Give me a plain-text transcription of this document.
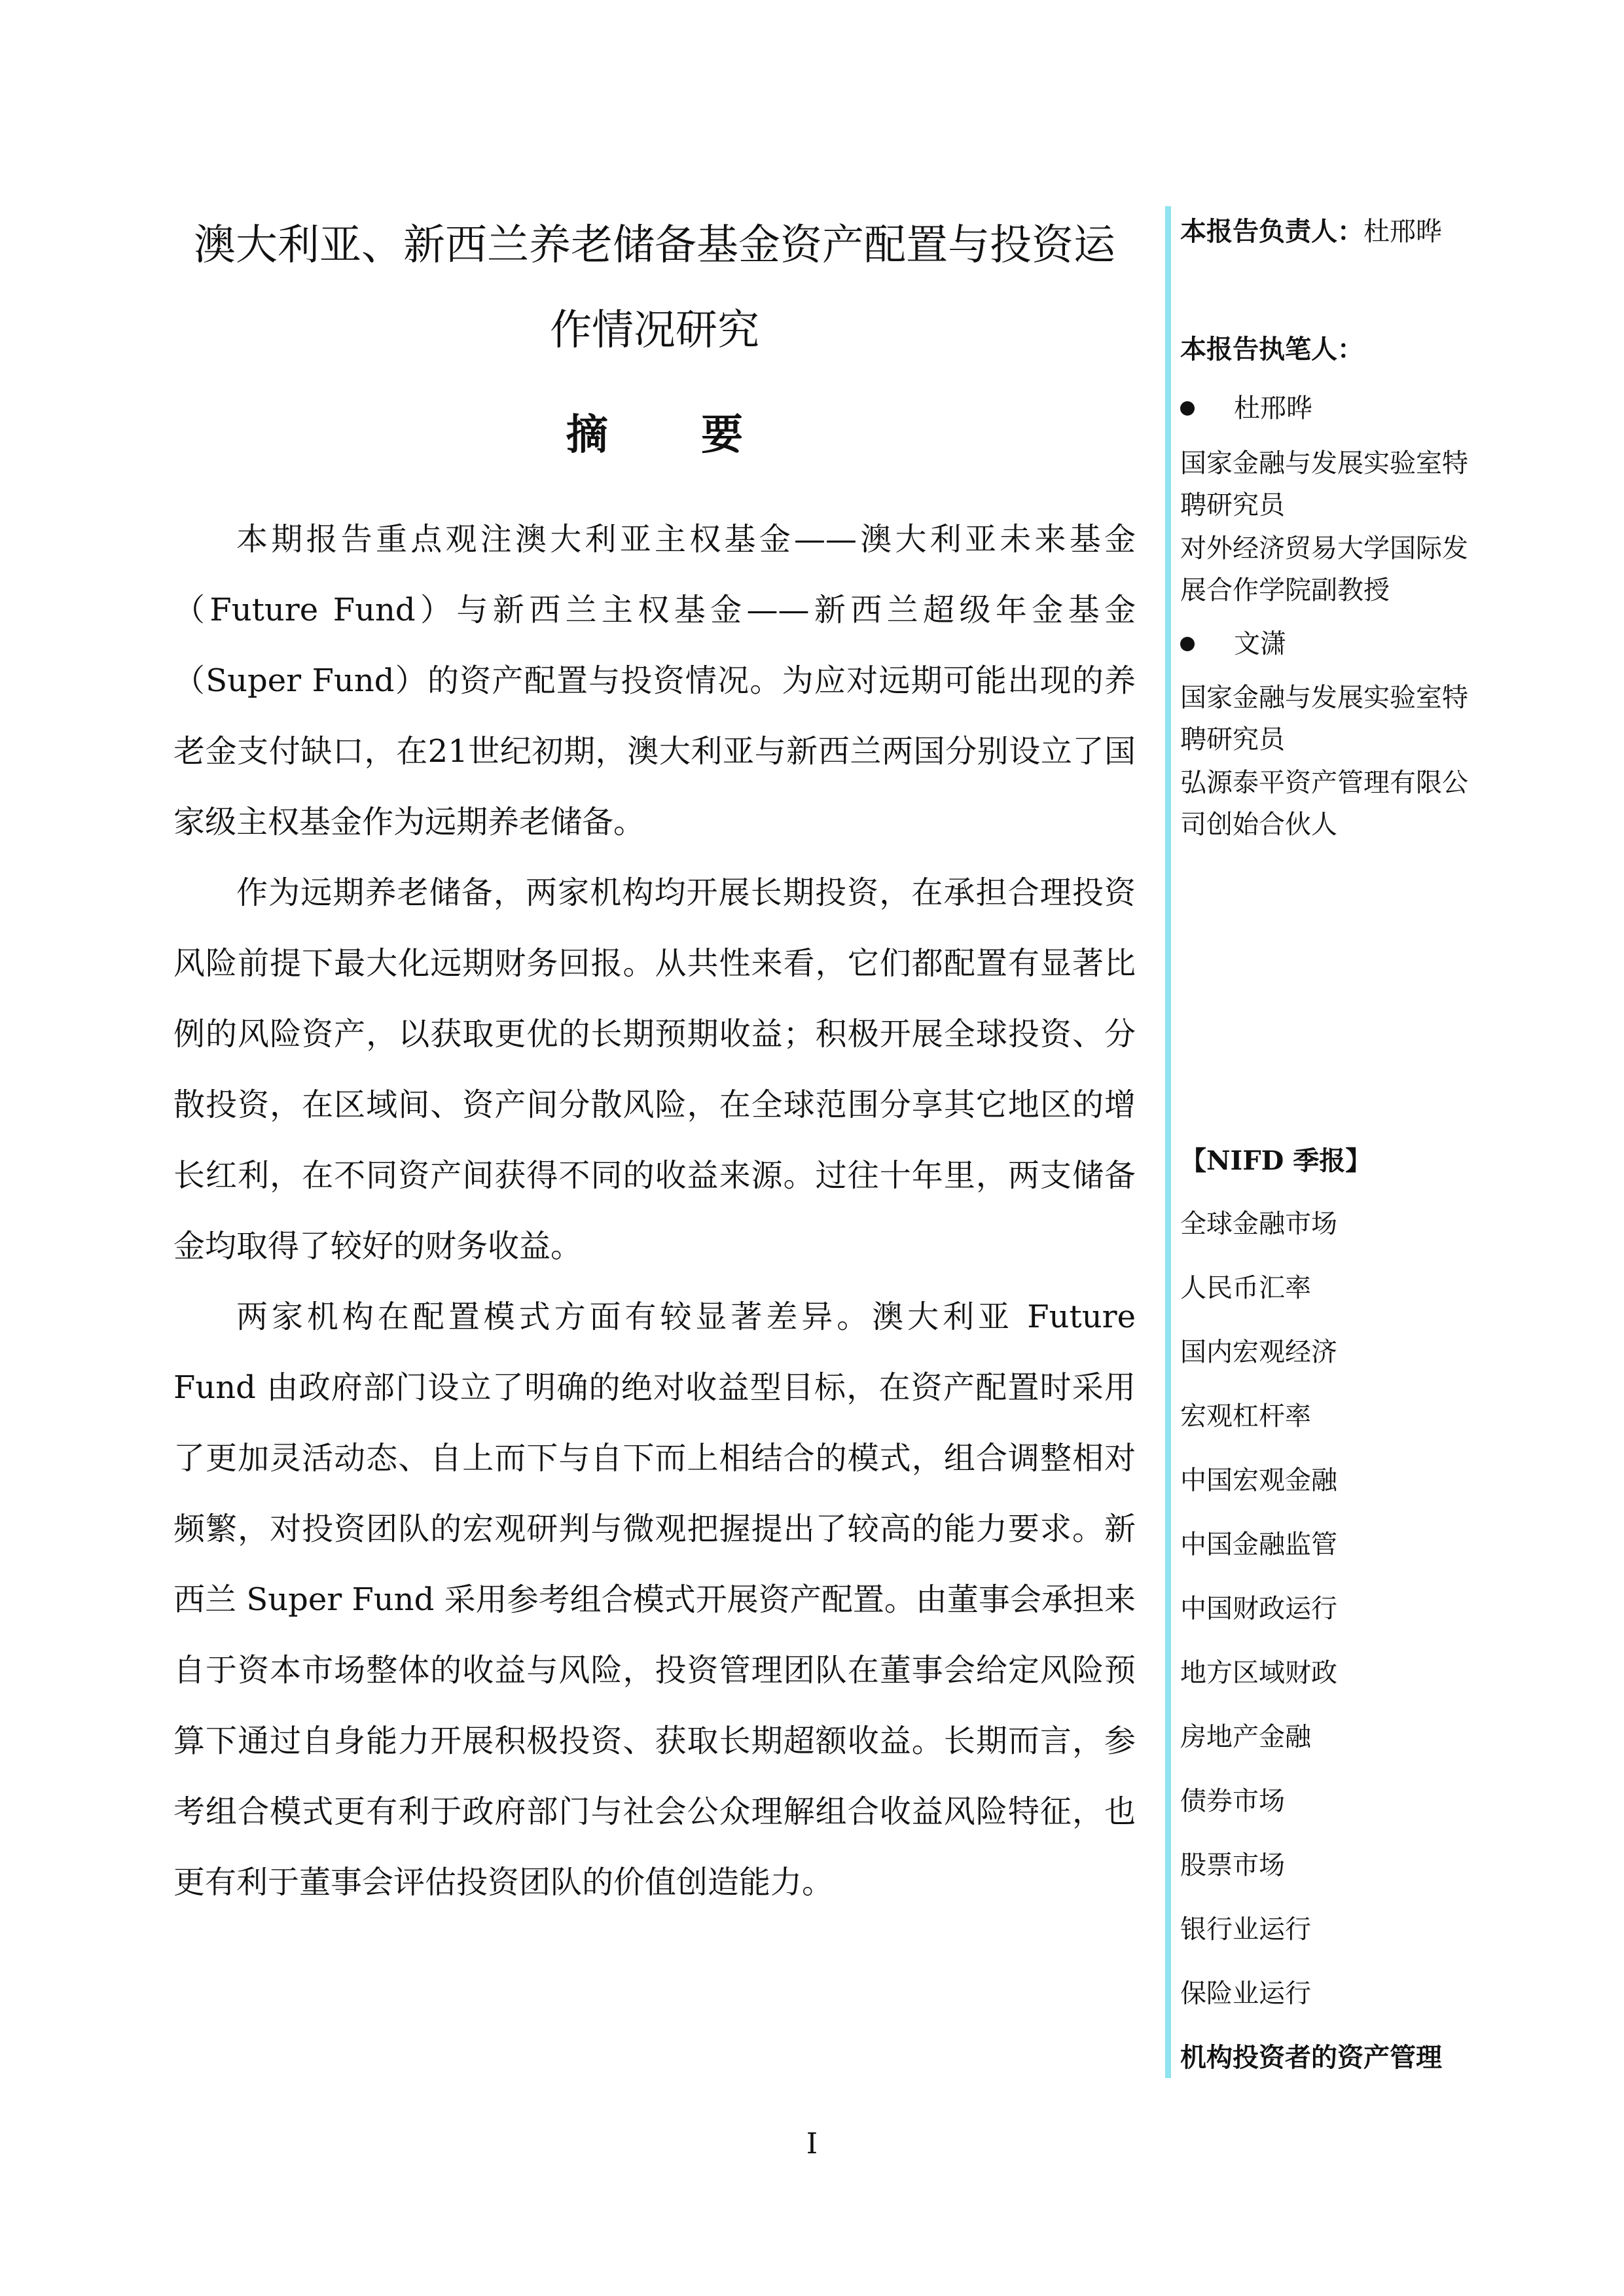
澳大利亚、新西兰养老储备基金资产配置与投资运
作情况研究
摘 要

本期报告重点观注澳大利亚主权基金——澳大利亚未来基金（Future Fund）与新西兰主权基金——新西兰超级年金基金（Super Fund）的资产配置与投资情况。为应对远期可能出现的养老金支付缺口，在21世纪初期，澳大利亚与新西兰两国分别设立了国家级主权基金作为远期养老储备。

作为远期养老储备，两家机构均开展长期投资，在承担合理投资风险前提下最大化远期财务回报。从共性来看，它们都配置有显著比例的风险资产，以获取更优的长期预期收益；积极开展全球投资、分散投资，在区域间、资产间分散风险，在全球范围分享其它地区的增长红利，在不同资产间获得不同的收益来源。过往十年里，两支储备金均取得了较好的财务收益。

两家机构在配置模式方面有较显著差异。澳大利亚 Future Fund 由政府部门设立了明确的绝对收益型目标，在资产配置时采用了更加灵活动态、自上而下与自下而上相结合的模式，组合调整相对频繁，对投资团队的宏观研判与微观把握提出了较高的能力要求。新西兰 Super Fund 采用参考组合模式开展资产配置。由董事会承担来自于资本市场整体的收益与风险，投资管理团队在董事会给定风险预算下通过自身能力开展积极投资、获取长期超额收益。长期而言，参考组合模式更有利于政府部门与社会公众理解组合收益风险特征，也更有利于董事会评估投资团队的价值创造能力。

本报告负责人：杜邢晔
本报告执笔人：
杜邢晔
国家金融与发展实验室特
聘研究员
对外经济贸易大学国际发
展合作学院副教授
文潇
国家金融与发展实验室特
聘研究员
弘源泰平资产管理有限公
司创始合伙人
【NIFD 季报】
全球金融市场
人民币汇率
国内宏观经济
宏观杠杆率
中国宏观金融
中国金融监管
中国财政运行
地方区域财政
房地产金融
债券市场
股票市场
银行业运行
保险业运行
机构投资者的资产管理
I
